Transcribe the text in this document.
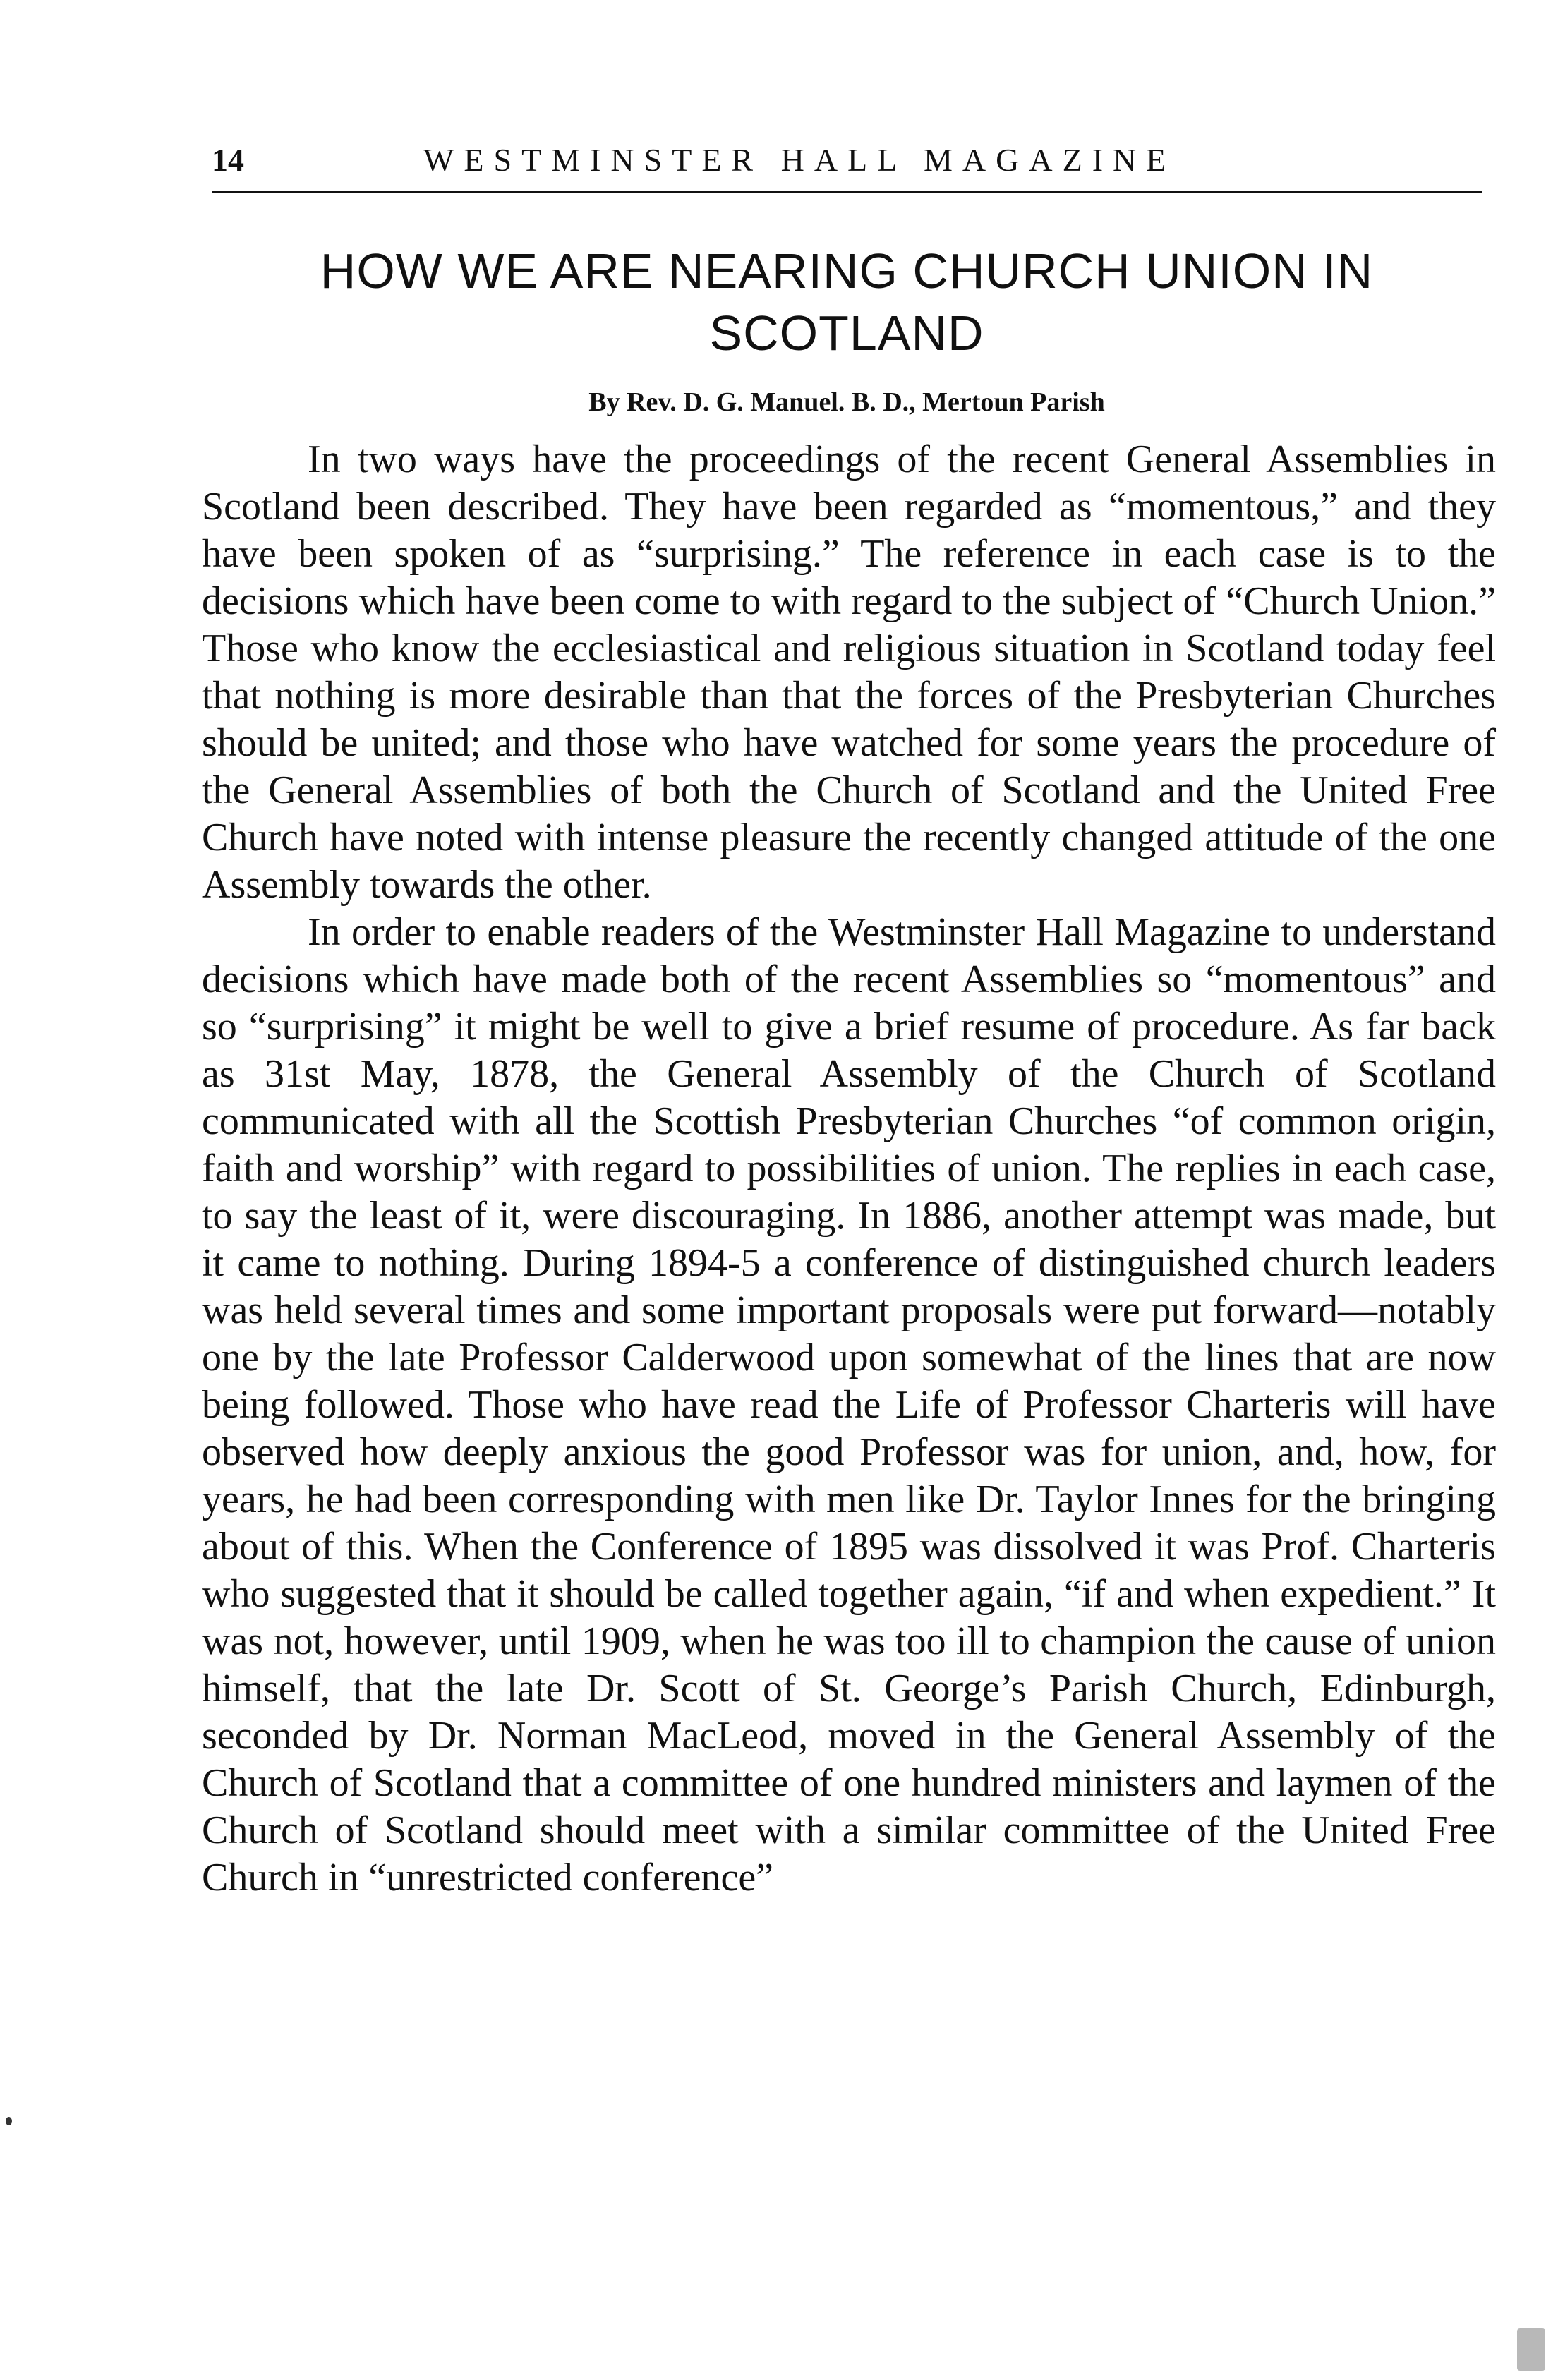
14	WESTMINSTER HALL MAGAZINE
HOW WE ARE NEARING CHURCH UNION IN SCOTLAND
By Rev. D. G. Manuel. B. D., Mertoun Parish

In two ways have the proceedings of the recent General Assemblies in Scotland been described. They have been regarded as “momentous,” and they have been spoken of as “surprising.” The reference in each case is to the decisions which have been come to with regard to the subject of “Church Union.” Those who know the ecclesiastical and religious situation in Scotland today feel that nothing is more desirable than that the forces of the Presbyterian Churches should be united; and those who have watched for some years the procedure of the General Assemblies of both the Church of Scotland and the United Free Church have noted with intense pleasure the recently changed attitude of the one Assembly towards the other.

In order to enable readers of the Westminster Hall Magazine to understand decisions which have made both of the recent Assemblies so “momentous” and so “surprising” it might be well to give a brief resume of procedure. As far back as 31st May, 1878, the General Assembly of the Church of Scotland communicated with all the Scottish Presbyterian Churches “of common origin, faith and worship” with regard to possibilities of union. The replies in each case, to say the least of it, were discouraging. In 1886, another attempt was made, but it came to nothing. During 1894-5 a conference of distinguished church leaders was held several times and some important proposals were put forward—notably one by the late Professor Calderwood upon somewhat of the lines that are now being followed. Those who have read the Life of Professor Charteris will have observed how deeply anxious the good Professor was for union, and, how, for years, he had been corresponding with men like Dr. Taylor Innes for the bringing about of this. When the Conference of 1895 was dissolved it was Prof. Charteris who suggested that it should be called together again, “if and when expedient.” It was not, however, until 1909, when he was too ill to champion the cause of union himself, that the late Dr. Scott of St. George’s Parish Church, Edinburgh, seconded by Dr. Norman MacLeod, moved in the General Assembly of the Church of Scotland that a committee of one hundred ministers and laymen of the Church of Scotland should meet with a similar committee of the United Free Church in “unrestricted conference”
